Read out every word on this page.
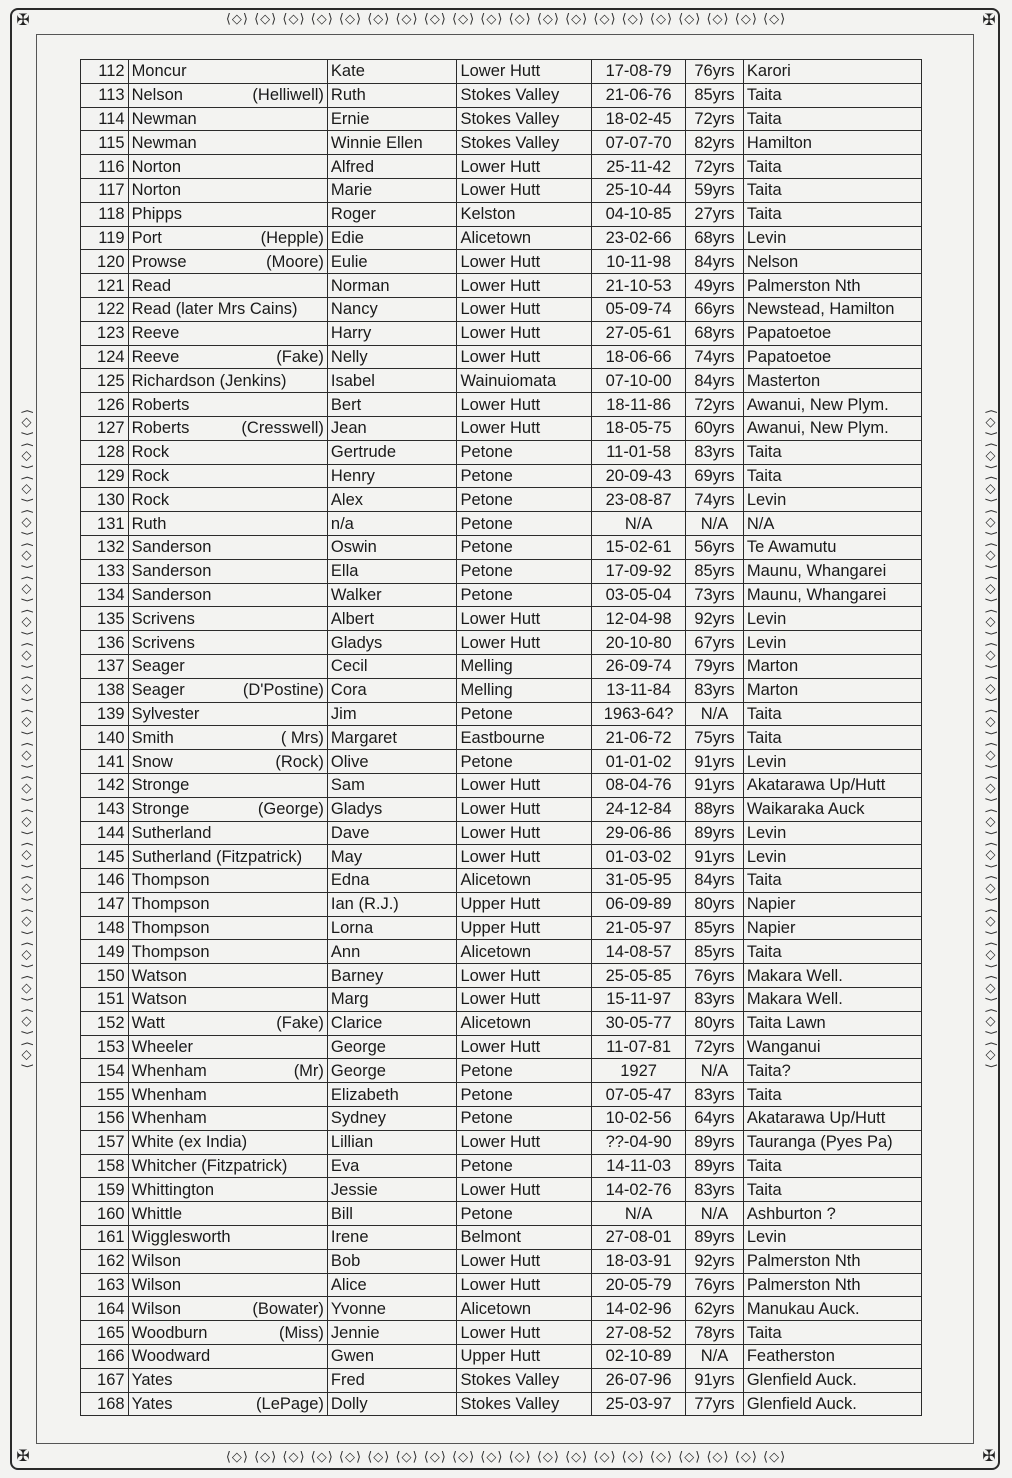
⟨◇⟩ ⟨◇⟩ ⟨◇⟩ ⟨◇⟩ ⟨◇⟩ ⟨◇⟩ ⟨◇⟩ ⟨◇⟩ ⟨◇⟩ ⟨◇⟩ ⟨◇⟩ ⟨◇⟩ ⟨◇⟩ ⟨◇⟩ ⟨◇⟩ ⟨◇⟩ ⟨◇⟩ ⟨◇⟩ ⟨◇⟩ ⟨◇⟩
⟨◇⟩ ⟨◇⟩ ⟨◇⟩ ⟨◇⟩ ⟨◇⟩ ⟨◇⟩ ⟨◇⟩ ⟨◇⟩ ⟨◇⟩ ⟨◇⟩ ⟨◇⟩ ⟨◇⟩ ⟨◇⟩ ⟨◇⟩ ⟨◇⟩ ⟨◇⟩ ⟨◇⟩ ⟨◇⟩ ⟨◇⟩ ⟨◇⟩
⟨◇⟩ ⟨◇⟩ ⟨◇⟩ ⟨◇⟩ ⟨◇⟩ ⟨◇⟩ ⟨◇⟩ ⟨◇⟩ ⟨◇⟩ ⟨◇⟩ ⟨◇⟩ ⟨◇⟩ ⟨◇⟩ ⟨◇⟩ ⟨◇⟩ ⟨◇⟩ ⟨◇⟩ ⟨◇⟩ ⟨◇⟩ ⟨◇⟩	⟨◇⟩ ⟨◇⟩ ⟨◇⟩ ⟨◇⟩ ⟨◇⟩ ⟨◇⟩ ⟨◇⟩ ⟨◇⟩ ⟨◇⟩ ⟨◇⟩ ⟨◇⟩ ⟨◇⟩ ⟨◇⟩ ⟨◇⟩ ⟨◇⟩ ⟨◇⟩ ⟨◇⟩ ⟨◇⟩ ⟨◇⟩ ⟨◇⟩
✠	✠
✠	✠
112	Moncur	Kate	Lower Hutt	17-08-79	76yrs	Karori
113	Nelson (Helliwell)	Ruth	Stokes Valley	21-06-76	85yrs	Taita
114	Newman	Ernie	Stokes Valley	18-02-45	72yrs	Taita
115	Newman	Winnie Ellen	Stokes Valley	07-07-70	82yrs	Hamilton
116	Norton	Alfred	Lower Hutt	25-11-42	72yrs	Taita
117	Norton	Marie	Lower Hutt	25-10-44	59yrs	Taita
118	Phipps	Roger	Kelston	04-10-85	27yrs	Taita
119	Port (Hepple)	Edie	Alicetown	23-02-66	68yrs	Levin
120	Prowse (Moore)	Eulie	Lower Hutt	10-11-98	84yrs	Nelson
121	Read	Norman	Lower Hutt	21-10-53	49yrs	Palmerston Nth
122	Read (later Mrs Cains)	Nancy	Lower Hutt	05-09-74	66yrs	Newstead, Hamilton
123	Reeve	Harry	Lower Hutt	27-05-61	68yrs	Papatoetoe
124	Reeve (Fake)	Nelly	Lower Hutt	18-06-66	74yrs	Papatoetoe
125	Richardson (Jenkins)	Isabel	Wainuiomata	07-10-00	84yrs	Masterton
126	Roberts	Bert	Lower Hutt	18-11-86	72yrs	Awanui, New Plym.
127	Roberts (Cresswell)	Jean	Lower Hutt	18-05-75	60yrs	Awanui, New Plym.
128	Rock	Gertrude	Petone	11-01-58	83yrs	Taita
129	Rock	Henry	Petone	20-09-43	69yrs	Taita
130	Rock	Alex	Petone	23-08-87	74yrs	Levin
131	Ruth	n/a	Petone	N/A	N/A	N/A
132	Sanderson	Oswin	Petone	15-02-61	56yrs	Te Awamutu
133	Sanderson	Ella	Petone	17-09-92	85yrs	Maunu, Whangarei
134	Sanderson	Walker	Petone	03-05-04	73yrs	Maunu, Whangarei
135	Scrivens	Albert	Lower Hutt	12-04-98	92yrs	Levin
136	Scrivens	Gladys	Lower Hutt	20-10-80	67yrs	Levin
137	Seager	Cecil	Melling	26-09-74	79yrs	Marton
138	Seager (D'Postine)	Cora	Melling	13-11-84	83yrs	Marton
139	Sylvester	Jim	Petone	1963-64?	N/A	Taita
140	Smith ( Mrs)	Margaret	Eastbourne	21-06-72	75yrs	Taita
141	Snow (Rock)	Olive	Petone	01-01-02	91yrs	Levin
142	Stronge	Sam	Lower Hutt	08-04-76	91yrs	Akatarawa Up/Hutt
143	Stronge (George)	Gladys	Lower Hutt	24-12-84	88yrs	Waikaraka Auck
144	Sutherland	Dave	Lower Hutt	29-06-86	89yrs	Levin
145	Sutherland (Fitzpatrick)	May	Lower Hutt	01-03-02	91yrs	Levin
146	Thompson	Edna	Alicetown	31-05-95	84yrs	Taita
147	Thompson	Ian (R.J.)	Upper Hutt	06-09-89	80yrs	Napier
148	Thompson	Lorna	Upper Hutt	21-05-97	85yrs	Napier
149	Thompson	Ann	Alicetown	14-08-57	85yrs	Taita
150	Watson	Barney	Lower Hutt	25-05-85	76yrs	Makara Well.
151	Watson	Marg	Lower Hutt	15-11-97	83yrs	Makara Well.
152	Watt (Fake)	Clarice	Alicetown	30-05-77	80yrs	Taita Lawn
153	Wheeler	George	Lower Hutt	11-07-81	72yrs	Wanganui
154	Whenham (Mr)	George	Petone	1927	N/A	Taita?
155	Whenham	Elizabeth	Petone	07-05-47	83yrs	Taita
156	Whenham	Sydney	Petone	10-02-56	64yrs	Akatarawa Up/Hutt
157	White (ex India)	Lillian	Lower Hutt	??-04-90	89yrs	Tauranga (Pyes Pa)
158	Whitcher (Fitzpatrick)	Eva	Petone	14-11-03	89yrs	Taita
159	Whittington	Jessie	Lower Hutt	14-02-76	83yrs	Taita
160	Whittle	Bill	Petone	N/A	N/A	Ashburton ?
161	Wigglesworth	Irene	Belmont	27-08-01	89yrs	Levin
162	Wilson	Bob	Lower Hutt	18-03-91	92yrs	Palmerston Nth
163	Wilson	Alice	Lower Hutt	20-05-79	76yrs	Palmerston Nth
164	Wilson (Bowater)	Yvonne	Alicetown	14-02-96	62yrs	Manukau Auck.
165	Woodburn (Miss)	Jennie	Lower Hutt	27-08-52	78yrs	Taita
166	Woodward	Gwen	Upper Hutt	02-10-89	N/A	Featherston
167	Yates	Fred	Stokes Valley	26-07-96	91yrs	Glenfield Auck.
168	Yates (LePage)	Dolly	Stokes Valley	25-03-97	77yrs	Glenfield Auck.
